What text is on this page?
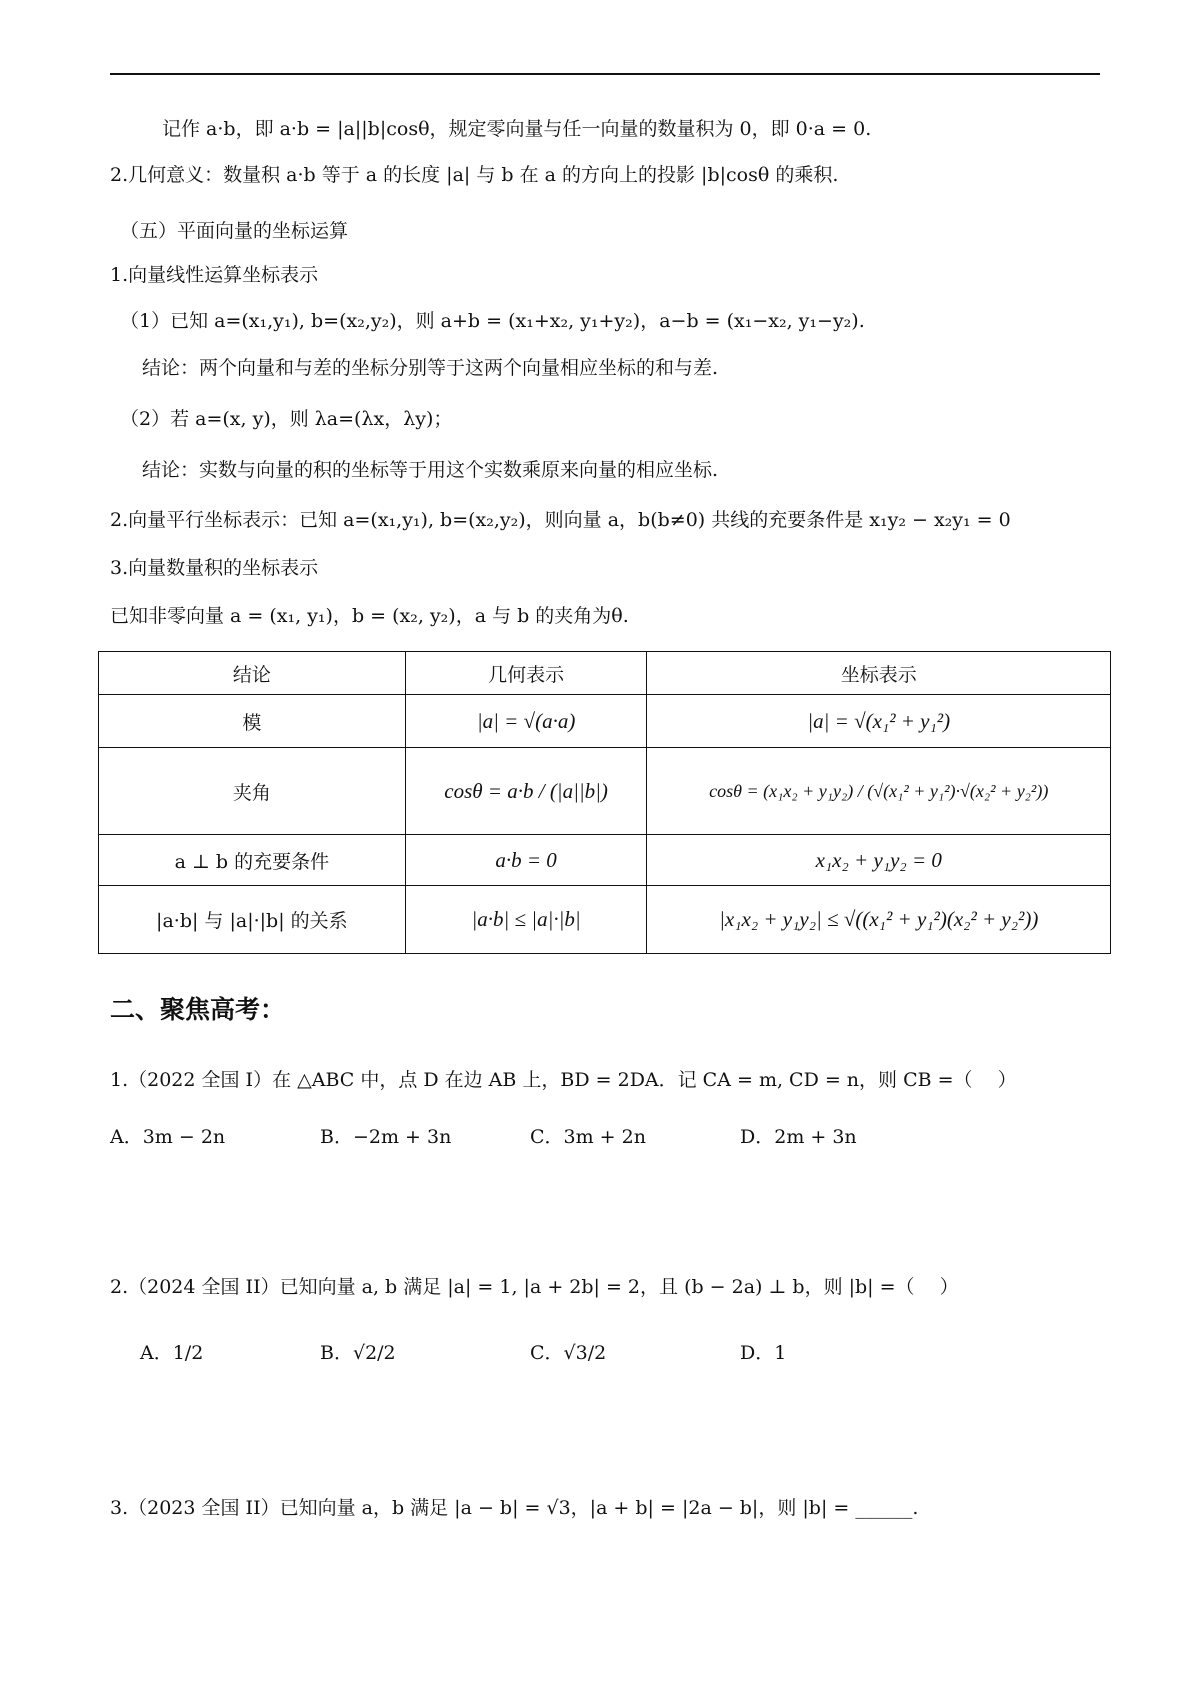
记作 a·b，即 a·b = |a||b|cosθ，规定零向量与任一向量的数量积为 0，即 0·a = 0.
2.几何意义：数量积 a·b 等于 a 的长度 |a| 与 b 在 a 的方向上的投影 |b|cosθ 的乘积.
（五）平面向量的坐标运算
1.向量线性运算坐标表示
（1）已知 a=(x₁,y₁), b=(x₂,y₂)，则 a+b = (x₁+x₂, y₁+y₂)，a−b = (x₁−x₂, y₁−y₂).
结论：两个向量和与差的坐标分别等于这两个向量相应坐标的和与差.
（2）若 a=(x, y)，则 λa=(λx，λy)；
结论：实数与向量的积的坐标等于用这个实数乘原来向量的相应坐标.
2.向量平行坐标表示：已知 a=(x₁,y₁), b=(x₂,y₂)，则向量 a，b(b≠0) 共线的充要条件是 x₁y₂ − x₂y₁ = 0
3.向量数量积的坐标表示
已知非零向量 a = (x₁, y₁)，b = (x₂, y₂)，a 与 b 的夹角为θ.
结论	几何表示	坐标表示
模	|a| = √(a·a)	|a| = √(x₁² + y₁²)
夹角	cosθ = a·b / (|a||b|)	cosθ = (x₁x₂ + y₁y₂) / (√(x₁² + y₁²)·√(x₂² + y₂²))
a ⊥ b 的充要条件	a·b = 0	x₁x₂ + y₁y₂ = 0
|a·b| 与 |a|·|b| 的关系	|a·b| ≤ |a|·|b|	|x₁x₂ + y₁y₂| ≤ √((x₁² + y₁²)(x₂² + y₂²))
二、聚焦高考：
1.（2022 全国 I）在 △ABC 中，点 D 在边 AB 上，BD = 2DA．记 CA = m, CD = n，则 CB =（　 ）
A．3m − 2n	B．−2m + 3n	C．3m + 2n	D．2m + 3n
2.（2024 全国 II）已知向量 a, b 满足 |a| = 1, |a + 2b| = 2，且 (b − 2a) ⊥ b，则 |b| =（　 ）
A．1/2	B．√2/2	C．√3/2	D．1
3.（2023 全国 II）已知向量 a，b 满足 |a − b| = √3，|a + b| = |2a − b|，则 |b| = ______.
